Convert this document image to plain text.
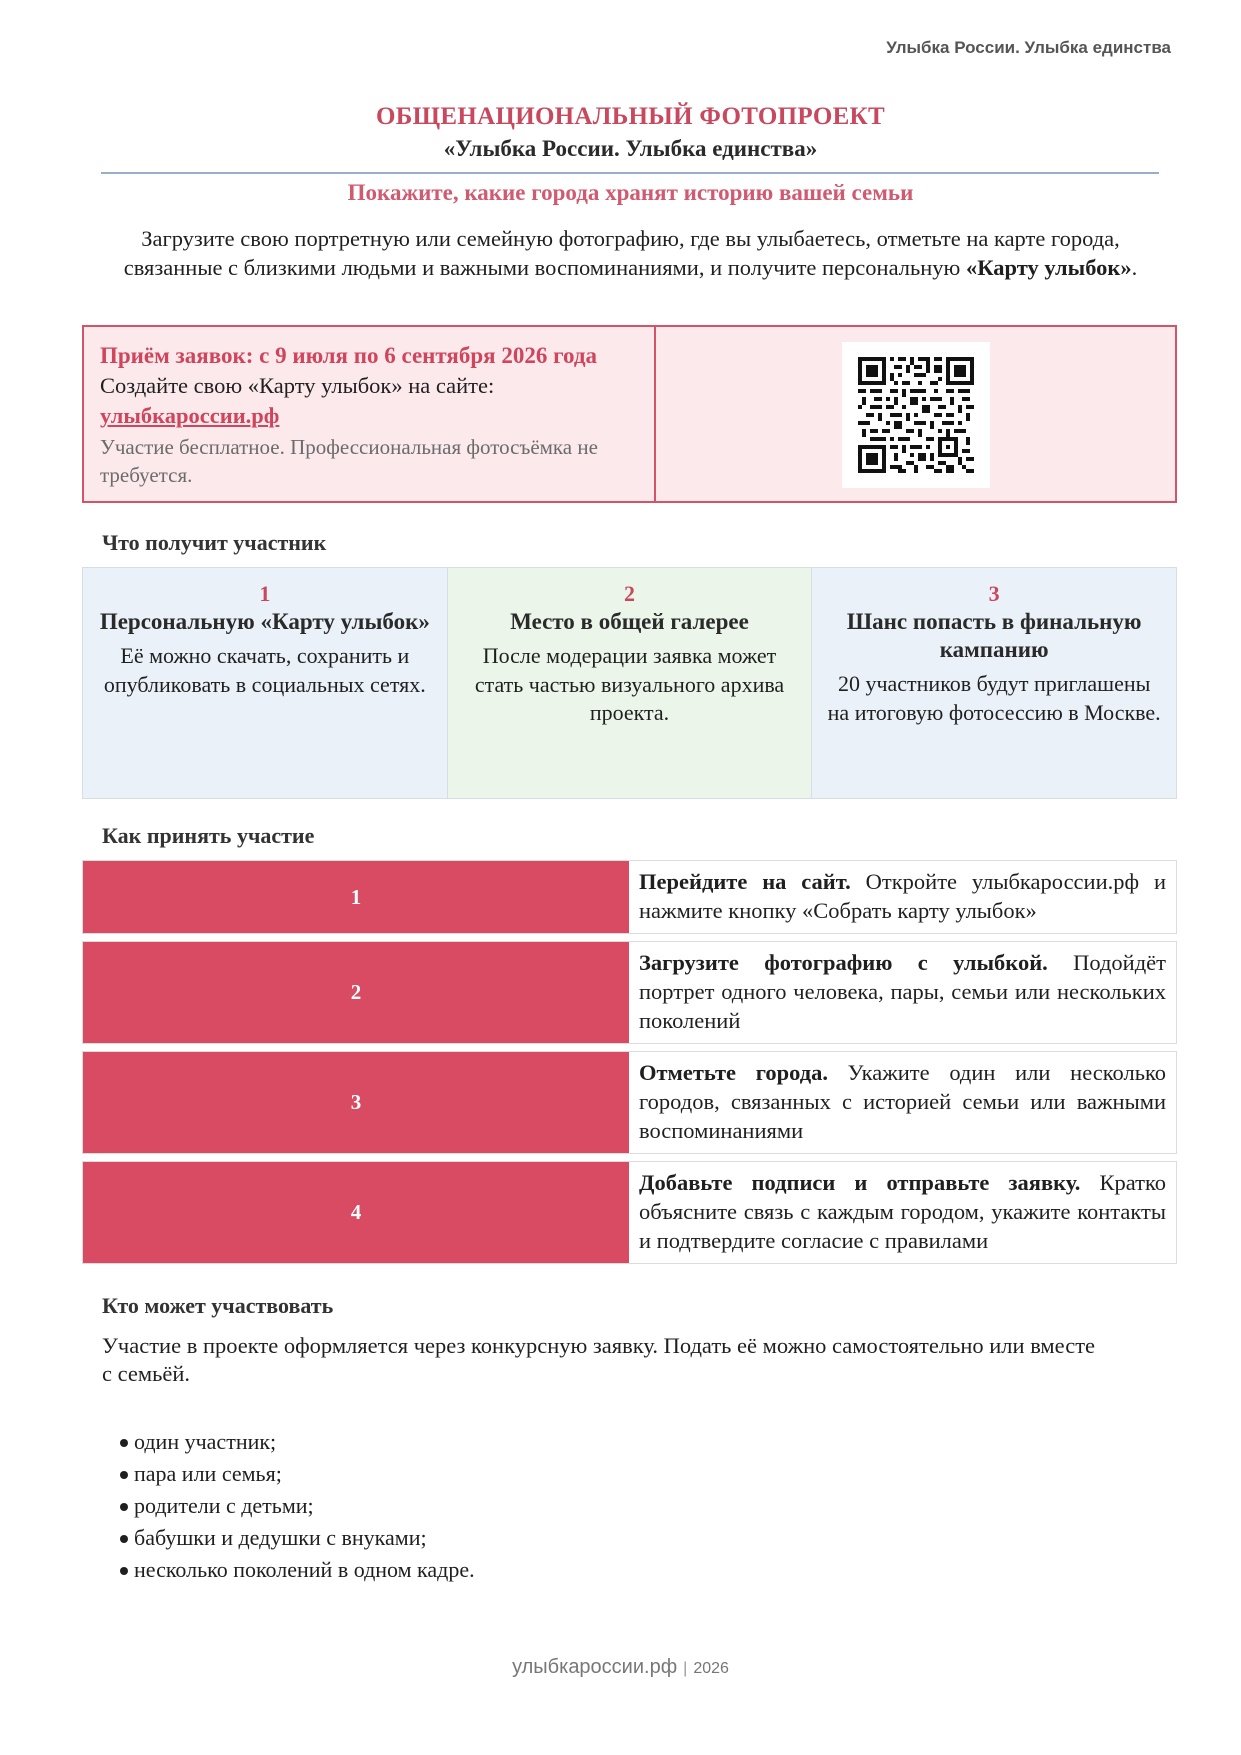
Улыбка России. Улыбка единства
ОБЩЕНАЦИОНАЛЬНЫЙ ФОТОПРОЕКТ
«Улыбка России. Улыбка единства»
Покажите, какие города хранят историю вашей семьи
Загрузите свою портретную или семейную фотографию, где вы улыбаетесь, отметьте на карте города, связанные с близкими людьми и важными воспоминаниями, и получите персональную «Карту улыбок».
Приём заявок: с 9 июля по 6 сентября 2026 года
Создайте свою «Карту улыбок» на сайте:
улыбкароссии.рф
Участие бесплатное. Профессиональная фотосъёмка не требуется.
Что получит участник
1
Персональную «Карту улыбок»
Её можно скачать, сохранить и опубликовать в социальных сетях.
2
Место в общей галерее
После модерации заявка может стать частью визуального архива проекта.
3
Шанс попасть в финальную кампанию
20 участников будут приглашены
на итоговую фотосессию в Москве.
Как принять участие
1
Перейдите на сайт. Откройте улыбкароссии.рф и нажмите кнопку «Собрать карту улыбок»
2
Загрузите фотографию с улыбкой. Подойдёт портрет одного человека, пары, семьи или нескольких поколений
3
Отметьте города. Укажите один или несколько городов, связанных с историей семьи или важными воспоминаниями
4
Добавьте подписи и отправьте заявку. Кратко объясните связь с каждым городом, укажите контакты и подтвердите согласие с правилами
Кто может участвовать
Участие в проекте оформляется через конкурсную заявку. Подать её можно самостоятельно или вместе
с семьёй.
один участник;
пара или семья;
родители с детьми;
бабушки и дедушки с внуками;
несколько поколений в одном кадре.
улыбкароссии.рф | 2026
